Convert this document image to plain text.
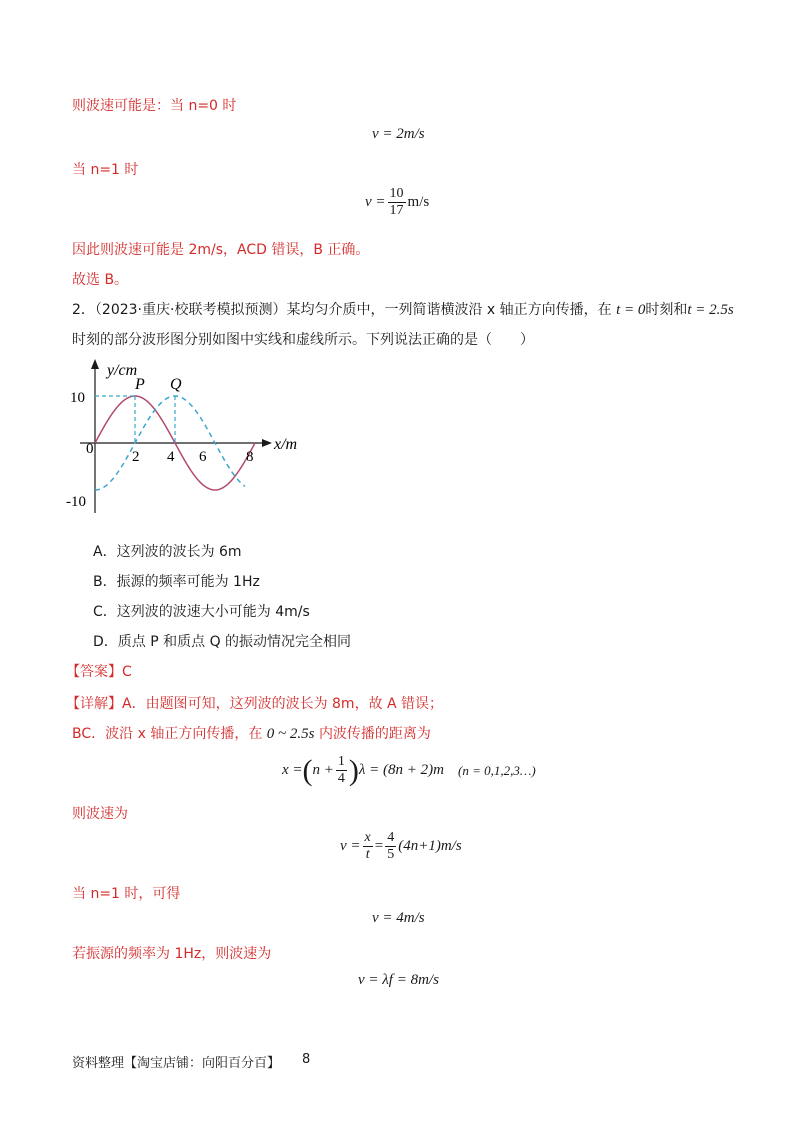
则波速可能是：当 n=0 时
v = 2m/s
当 n=1 时
$v = \frac{10}{17} m/s$
因此则波速可能是 2m/s，ACD 错误，B 正确。
故选 B。
2．（2023·重庆·校联考模拟预测）某均匀介质中，一列简谐横波沿 x 轴正方向传播，在 t = 0时刻和t = 2.5s
时刻的部分波形图分别如图中实线和虚线所示。下列说法正确的是（　　）
y/cm
x/m
P Q
10
0
-10
2 4 6	8
A．这列波的波长为 6m
B．振源的频率可能为 1Hz
C．这列波的波速大小可能为 4m/s
D．质点 P 和质点 Q 的振动情况完全相同
【答案】C
【详解】A．由题图可知，这列波的波长为 8m，故 A 错误；
BC．波沿 x 轴正方向传播，在 0 ~ 2.5s 内波传播的距离为
x = ( $n + \frac{1}{4}$ ) λ = (8n + 2)m (n = 0,1,2,3…)
则波速为
$v = \frac{x}{t} = \frac{4}{5} (4n+1)m/s$
当 n=1 时，可得
v = 4m/s
若振源的频率为 1Hz，则波速为
v = λf = 8m/s
资料整理【淘宝店铺：向阳百分百】 8
